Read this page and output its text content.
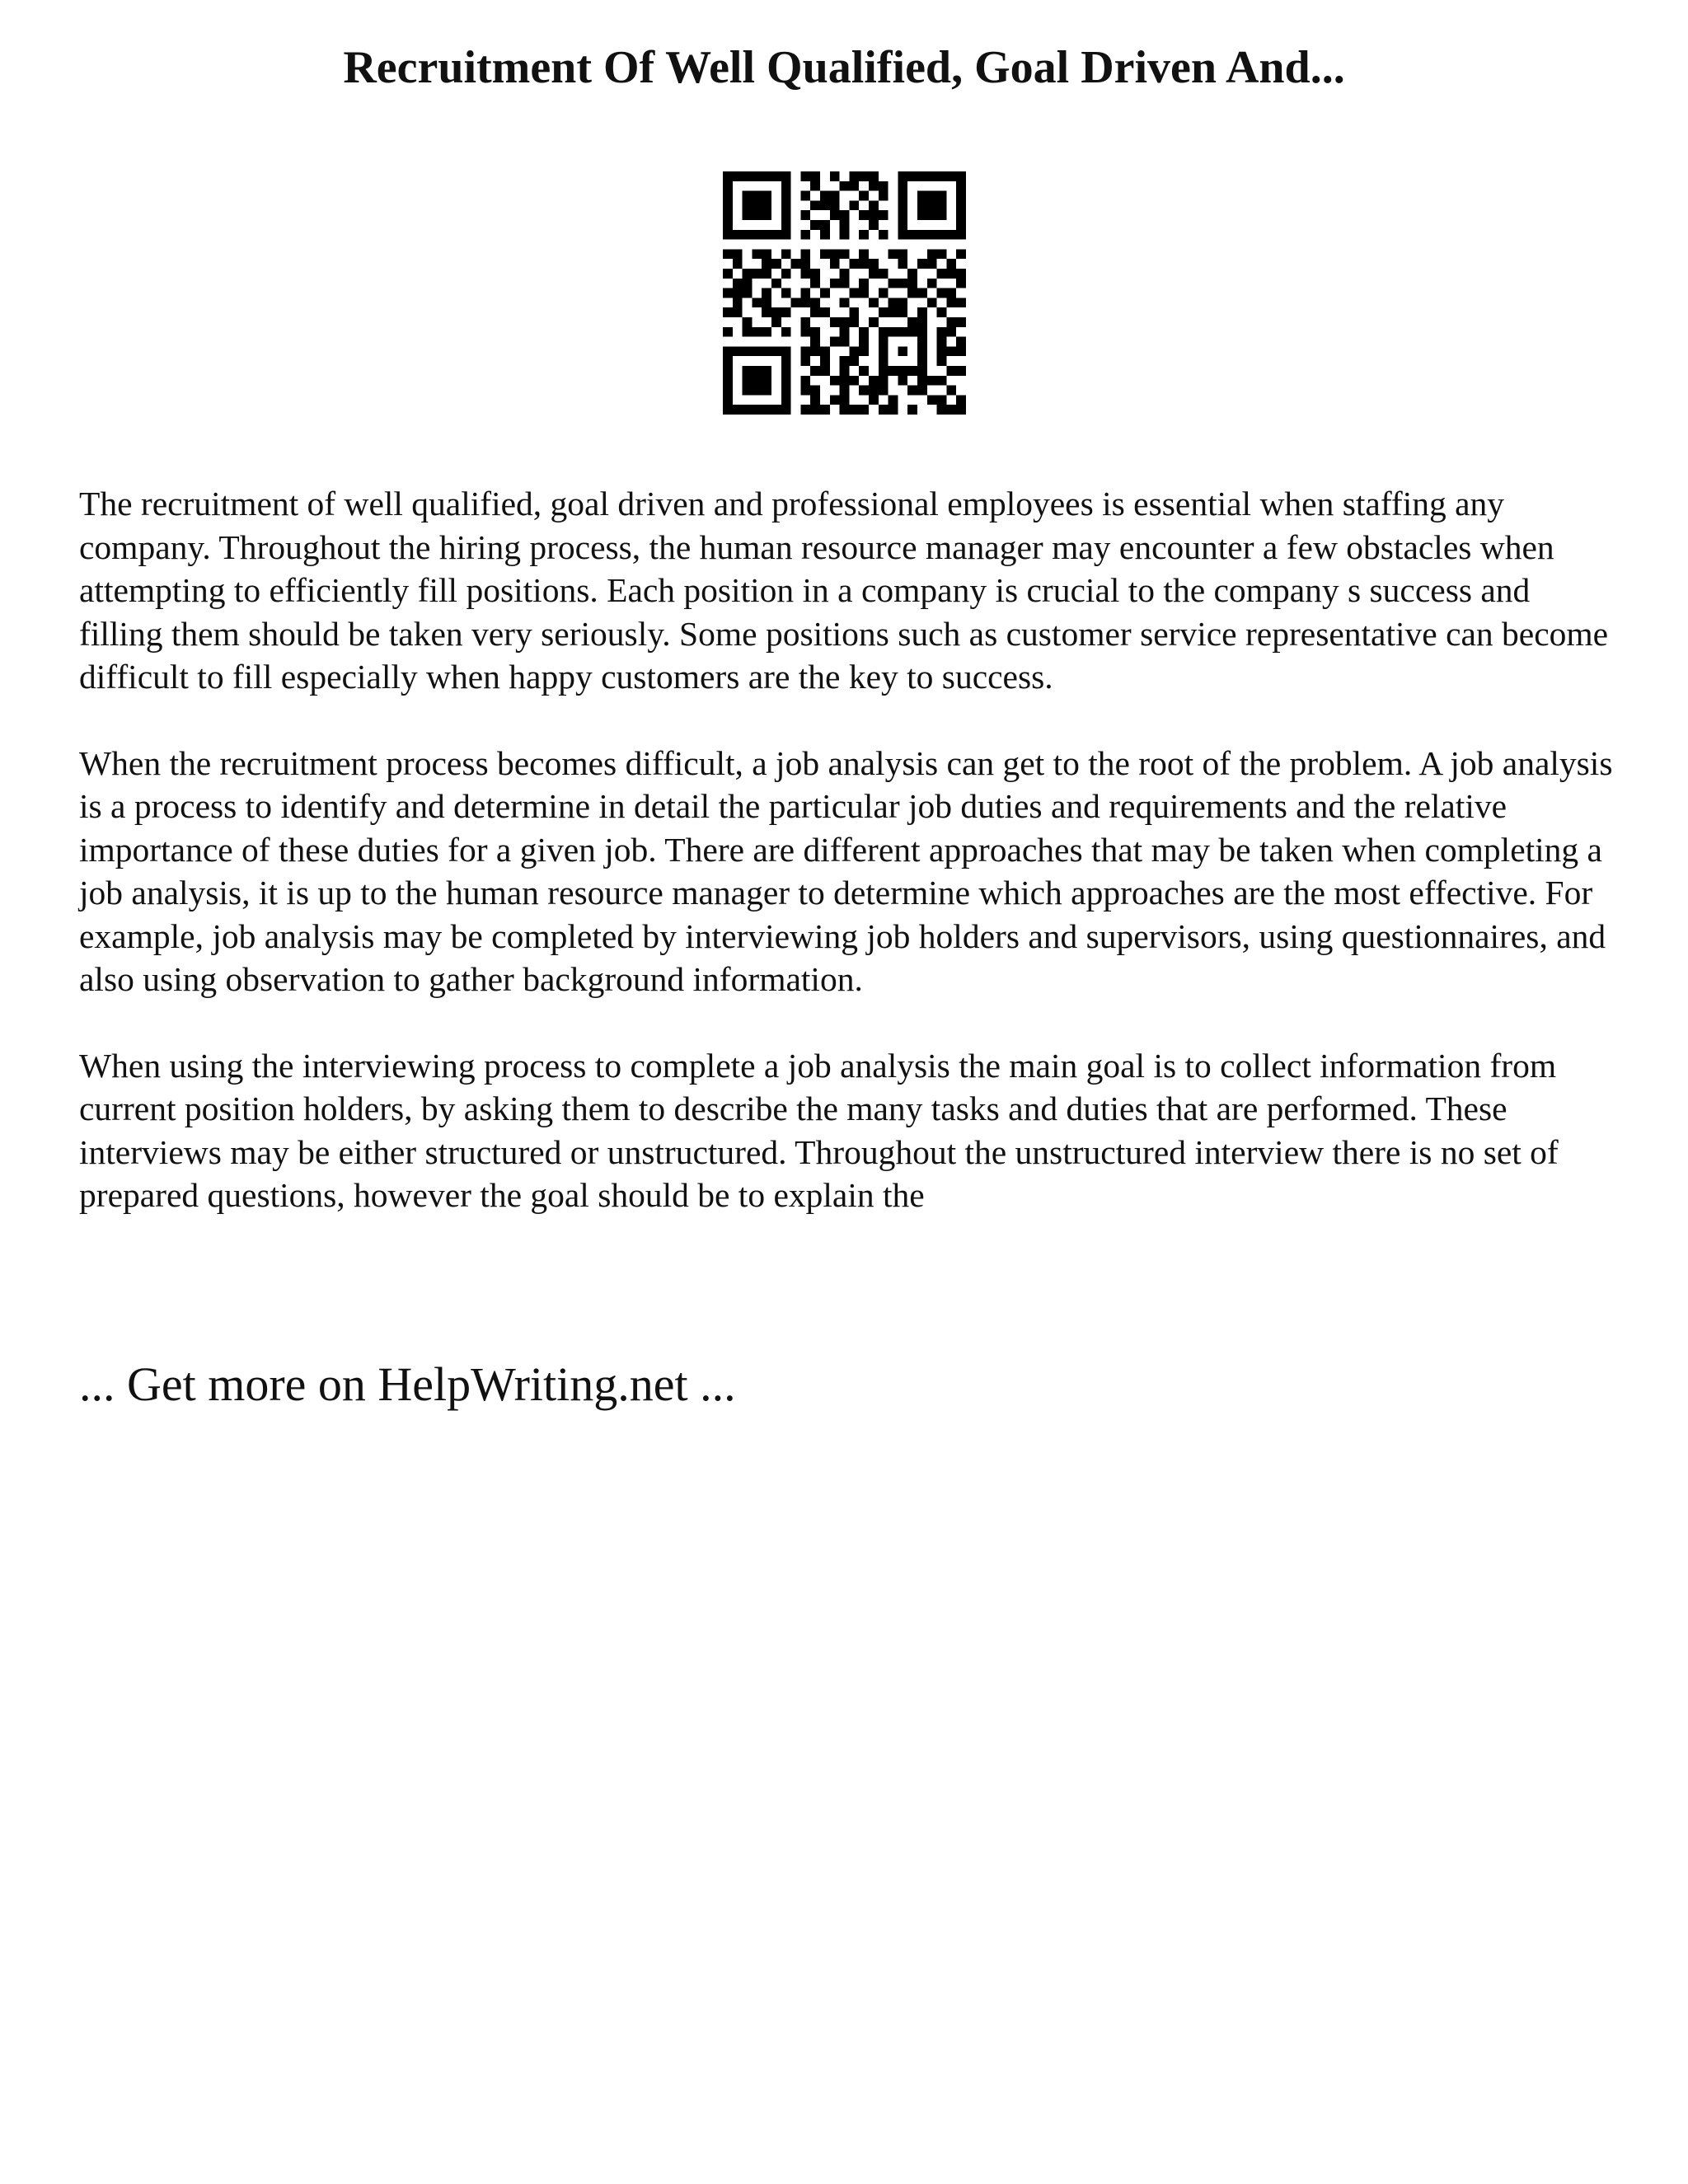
Recruitment Of Well Qualified, Goal Driven And...

The recruitment of well qualified, goal driven and professional employees is essential when staffing any company. Throughout the hiring process, the human resource manager may encounter a few obstacles when attempting to efficiently fill positions. Each position in a company is crucial to the company s success and filling them should be taken very seriously. Some positions such as customer service representative can become difficult to fill especially when happy customers are the key to success.

When the recruitment process becomes difficult, a job analysis can get to the root of the problem. A job analysis is a process to identify and determine in detail the particular job duties and requirements and the relative importance of these duties for a given job. There are different approaches that may be taken when completing a job analysis, it is up to the human resource manager to determine which approaches are the most effective. For example, job analysis may be completed by interviewing job holders and supervisors, using questionnaires, and also using observation to gather background information.

When using the interviewing process to complete a job analysis the main goal is to collect information from current position holders, by asking them to describe the many tasks and duties that are performed. These interviews may be either structured or unstructured. Throughout the unstructured interview there is no set of prepared questions, however the goal should be to explain the

... Get more on HelpWriting.net ...
